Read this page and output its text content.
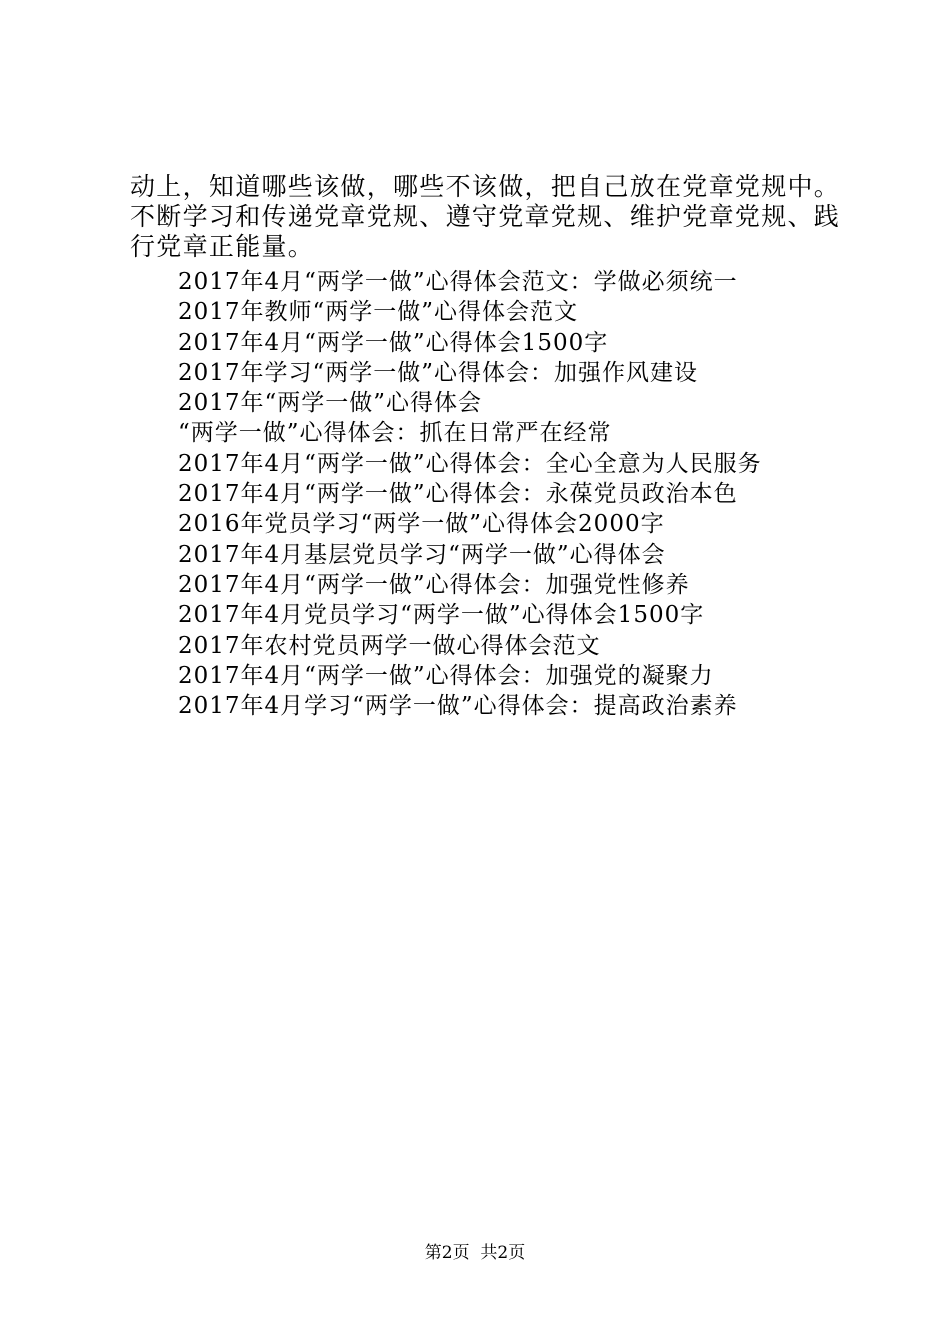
动上，知道哪些该做，哪些不该做，把自己放在党章党规中。
不断学习和传递党章党规、遵守党章党规、维护党章党规、践
行党章正能量。
2017年4月“两学一做”心得体会范文：学做必须统一
2017年教师“两学一做”心得体会范文
2017年4月“两学一做”心得体会1500字
2017年学习“两学一做”心得体会：加强作风建设
2017年“两学一做”心得体会
“两学一做”心得体会：抓在日常严在经常
2017年4月“两学一做”心得体会：全心全意为人民服务
2017年4月“两学一做”心得体会：永葆党员政治本色
2016年党员学习“两学一做”心得体会2000字
2017年4月基层党员学习“两学一做”心得体会
2017年4月“两学一做”心得体会：加强党性修养
2017年4月党员学习“两学一做”心得体会1500字
2017年农村党员两学一做心得体会范文
2017年4月“两学一做”心得体会：加强党的凝聚力
2017年4月学习“两学一做”心得体会：提高政治素养
第2页  共2页
